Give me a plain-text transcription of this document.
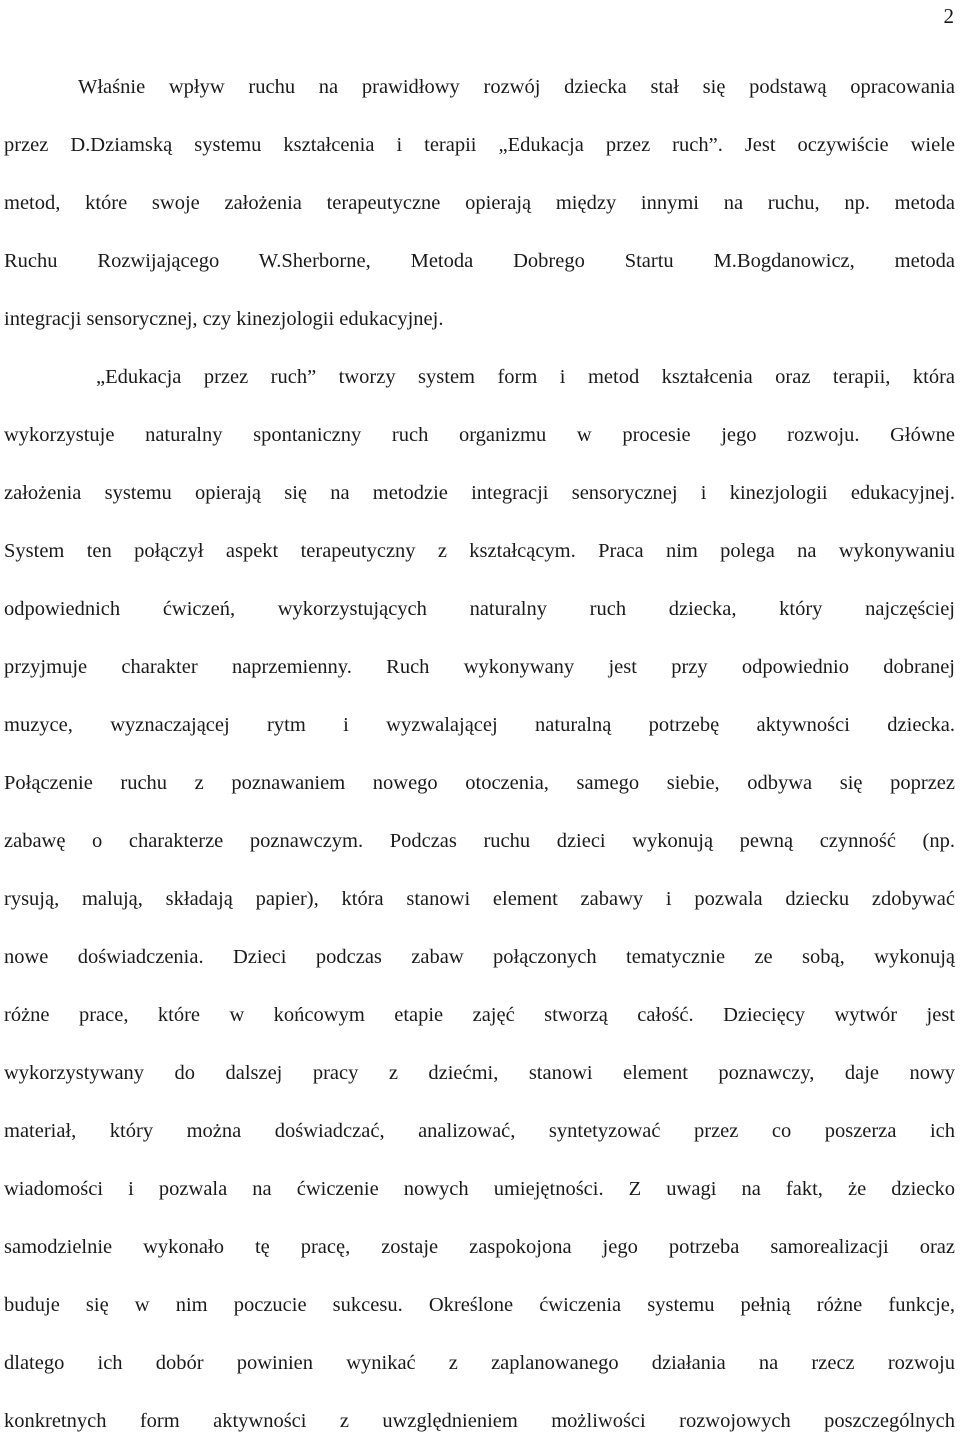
2
Właśnie wpływ ruchu na prawidłowy rozwój dziecka stał się podstawą opracowania
przez D.Dziamską systemu kształcenia i terapii „Edukacja przez ruch”. Jest oczywiście wiele
metod, które swoje założenia terapeutyczne opierają między innymi na ruchu, np. metoda
Ruchu Rozwijającego W.Sherborne, Metoda Dobrego Startu M.Bogdanowicz, metoda
integracji sensorycznej, czy kinezjologii edukacyjnej.
„Edukacja przez ruch” tworzy system form i metod kształcenia oraz terapii, która
wykorzystuje naturalny spontaniczny ruch organizmu w procesie jego rozwoju. Główne
założenia systemu opierają się na metodzie integracji sensorycznej i kinezjologii edukacyjnej.
System ten połączył aspekt terapeutyczny z kształcącym. Praca nim polega na wykonywaniu
odpowiednich ćwiczeń, wykorzystujących naturalny ruch dziecka, który najczęściej
przyjmuje charakter naprzemienny. Ruch wykonywany jest przy odpowiednio dobranej
muzyce, wyznaczającej rytm i wyzwalającej naturalną potrzebę aktywności dziecka.
Połączenie ruchu z poznawaniem nowego otoczenia, samego siebie, odbywa się poprzez
zabawę o charakterze poznawczym. Podczas ruchu dzieci wykonują pewną czynność (np.
rysują, malują, składają papier), która stanowi element zabawy i pozwala dziecku zdobywać
nowe doświadczenia. Dzieci podczas zabaw połączonych tematycznie ze sobą, wykonują
różne prace, które w końcowym etapie zajęć stworzą całość. Dziecięcy wytwór jest
wykorzystywany do dalszej pracy z dziećmi, stanowi element poznawczy, daje nowy
materiał, który można doświadczać, analizować, syntetyzować przez co poszerza ich
wiadomości i pozwala na ćwiczenie nowych umiejętności. Z uwagi na fakt, że dziecko
samodzielnie wykonało tę pracę, zostaje zaspokojona jego potrzeba samorealizacji oraz
buduje się w nim poczucie sukcesu. Określone ćwiczenia systemu pełnią różne funkcje,
dlatego ich dobór powinien wynikać z zaplanowanego działania na rzecz rozwoju
konkretnych form aktywności z uwzględnieniem możliwości rozwojowych poszczególnych
